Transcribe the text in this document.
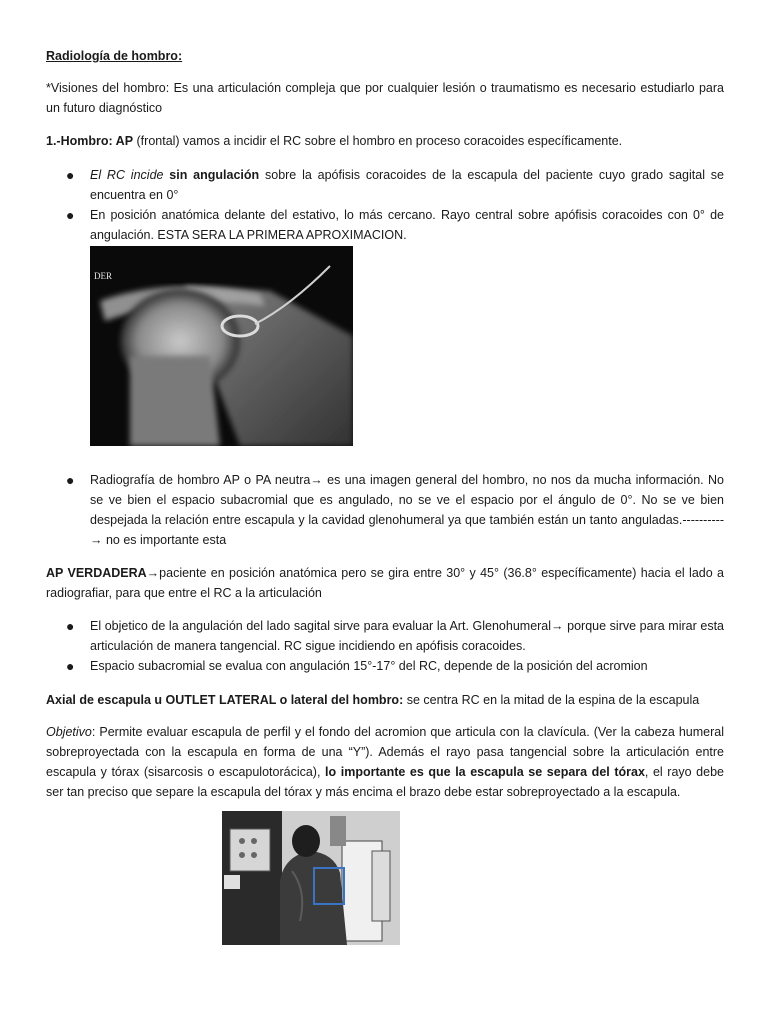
Radiología de hombro:
*Visiones del hombro: Es una articulación compleja que por cualquier lesión o traumatismo es necesario estudiarlo para un futuro diagnóstico
1.-Hombro: AP (frontal) vamos a incidir el RC sobre el hombro en proceso coracoides específicamente.
● El RC incide sin angulación sobre la apófisis coracoides de la escapula del paciente cuyo grado sagital se encuentra en 0°
● En posición anatómica delante del estativo, lo más cercano. Rayo central sobre apófisis coracoides con 0° de angulación. ESTA SERA LA PRIMERA APROXIMACION.
DER
● Radiografía de hombro AP o PA neutra→ es una imagen general del hombro, no nos da mucha información. No se ve bien el espacio subacromial que es angulado, no se ve el espacio por el ángulo de 0°. No se ve bien despejada la relación entre escapula y la cavidad glenohumeral ya que también están un tanto anguladas.----------→ no es importante esta
AP VERDADERA→paciente en posición anatómica pero se gira entre 30° y 45° (36.8° específicamente) hacia el lado a radiografiar, para que entre el RC a la articulación
● El objetico de la angulación del lado sagital sirve para evaluar la Art. Glenohumeral→ porque sirve para mirar esta articulación de manera tangencial. RC sigue incidiendo en apófisis coracoides.
● Espacio subacromial se evalua con angulación 15°-17° del RC, depende de la posición del acromion
Axial de escapula u OUTLET LATERAL o lateral del hombro: se centra RC en la mitad de la espina de la escapula
Objetivo: Permite evaluar escapula de perfil y el fondo del acromion que articula con la clavícula. (Ver la cabeza humeral sobreproyectada con la escapula en forma de una “Y”). Además el rayo pasa tangencial sobre la articulación entre escapula y tórax (sisarcosis o escapulotorácica), lo importante es que la escapula se separa del tórax, el rayo debe ser tan preciso que separe la escapula del tórax y más encima el brazo debe estar sobreproyectado a la escapula.
